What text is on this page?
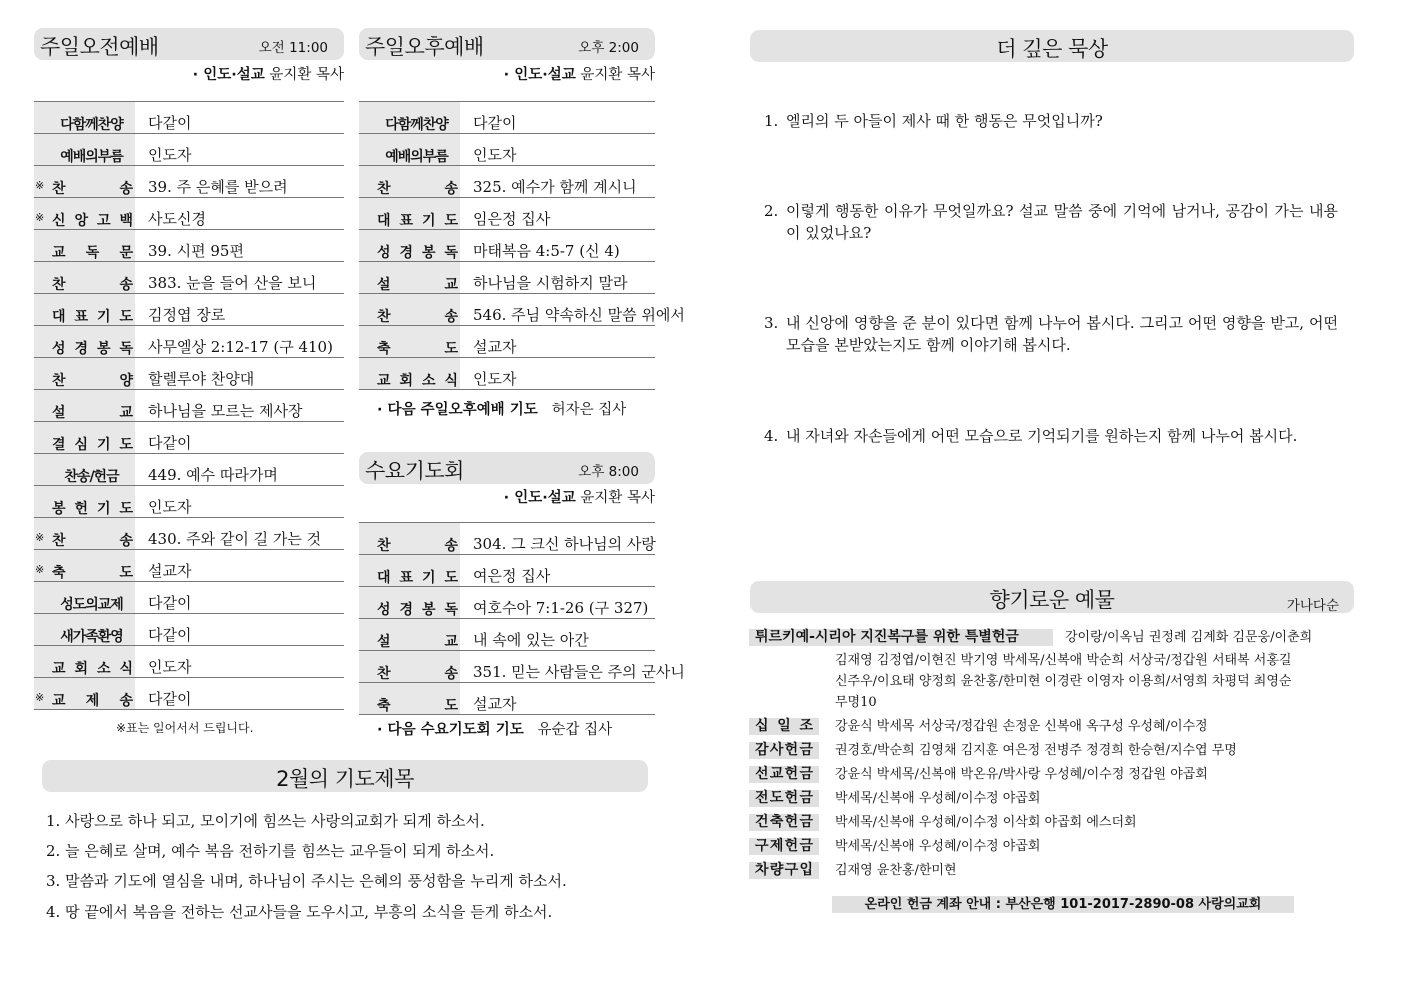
주일오전예배	오전 11:00
· 인도·설교 윤지환 목사
다함께찬양 다같이
예배의부름 인도자
※ 찬	송 39. 주 은혜를 받으려
※ 신 앙 고 백 사도신경
교 독 문 39. 시편 95편
찬	송 383. 눈을 들어 산을 보니
대 표 기 도 김정엽 장로
성 경 봉 독 사무엘상 2:12-17 (구 410)
찬	양 할렐루야 찬양대
설	교 하나님을 모르는 제사장
결 심 기 도 다같이
찬송/헌금 449. 예수 따라가며
봉 헌 기 도 인도자
※ 찬	송 430. 주와 같이 길 가는 것
※ 축	도 설교자
성도의교제 다같이
새가족환영 다같이
교 회 소 식 인도자
※ 교 제 송 다같이
※표는 일어서서 드립니다.
주일오후예배	오후 2:00
· 인도·설교 윤지환 목사
다함께찬양 다같이
예배의부름 인도자
찬	송 325. 예수가 함께 계시니
대 표 기 도 임은정 집사
성 경 봉 독 마태복음 4:5-7 (신 4)
설	교 하나님을 시험하지 말라
찬	송 546. 주님 약속하신 말씀 위에서
축	도 설교자
교 회 소 식 인도자
· 다음 주일오후예배 기도 허자은 집사
수요기도회	오후 8:00
· 인도·설교 윤지환 목사
찬	송 304. 그 크신 하나님의 사랑
대 표 기 도 여은정 집사
성 경 봉 독 여호수아 7:1-26 (구 327)
설	교 내 속에 있는 아간
찬	송 351. 믿는 사람들은 주의 군사니
축	도 설교자
· 다음 수요기도회 기도 유순갑 집사
2월의 기도제목
1. 사랑으로 하나 되고, 모이기에 힘쓰는 사랑의교회가 되게 하소서.
2. 늘 은혜로 살며, 예수 복음 전하기를 힘쓰는 교우들이 되게 하소서.
3. 말씀과 기도에 열심을 내며, 하나님이 주시는 은혜의 풍성함을 누리게 하소서.
4. 땅 끝에서 복음을 전하는 선교사들을 도우시고, 부흥의 소식을 듣게 하소서.
더 깊은 묵상
1. 엘리의 두 아들이 제사 때 한 행동은 무엇입니까?
2. 이렇게 행동한 이유가 무엇일까요? 설교 말씀 중에 기억에 남거나, 공감이 가는 내용이 있었나요?
3. 내 신앙에 영향을 준 분이 있다면 함께 나누어 봅시다. 그리고 어떤 영향을 받고, 어떤 모습을 본받았는지도 함께 이야기해 봅시다.
4. 내 자녀와 자손들에게 어떤 모습으로 기억되기를 원하는지 함께 나누어 봅시다.
향기로운 예물	가나다순
튀르키예-시리아 지진복구를 위한 특별헌금	강이랑/이옥님 권정례 김계화 김문웅/이춘희
김재영 김정엽/이현진 박기영 박세목/신복애 박순희 서상국/정갑원 서태복 서홍길
신주우/이요태 양정희 윤찬홍/한미현 이경란 이영자 이용희/서영희 차평덕 최영순
무명10
십 일 조 강윤식 박세목 서상국/정갑원 손정운 신복애 옥구성 우성혜/이수정
감 사 헌 금 권경호/박순희 김영채 김지훈 여은정 전병주 정경희 한승현/지수엽 무명
선 교 헌 금 강윤식 박세목/신복애 박온유/박사랑 우성혜/이수정 정갑원 야곱회
전 도 헌 금 박세목/신복애 우성혜/이수정 야곱회
건 축 헌 금 박세목/신복애 우성혜/이수정 이삭회 야곱회 에스더회
구 제 헌 금 박세목/신복애 우성혜/이수정 야곱회
차 량 구 입 김재영 윤찬홍/한미현
온라인 헌금 계좌 안내 : 부산은행 101-2017-2890-08 사랑의교회
